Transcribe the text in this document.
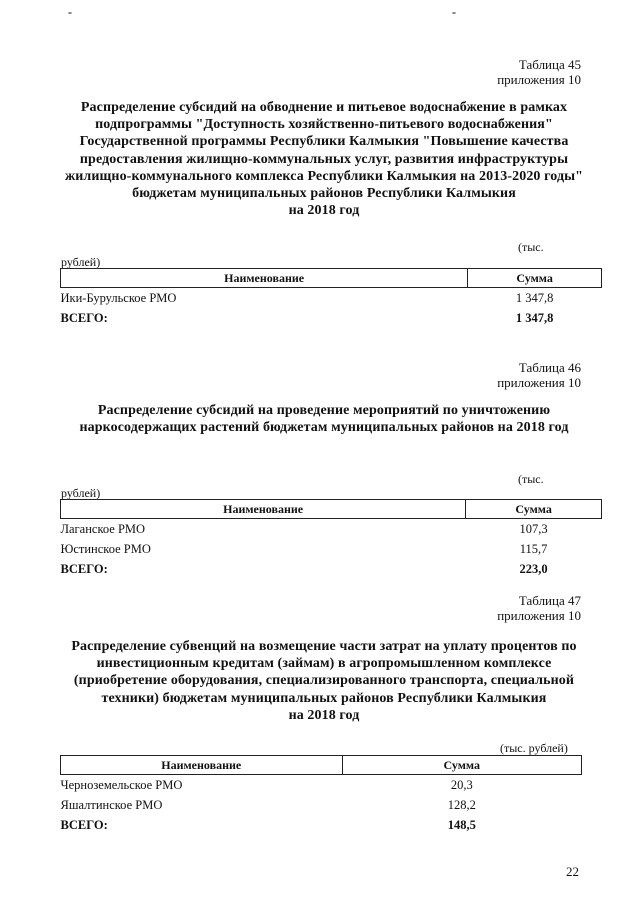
-	-
Таблица 45
приложения 10
Распределение субсидий на обводнение и питьевое водоснабжение в рамках подпрограммы "Доступность хозяйственно-питьевого водоснабжения" Государственной программы Республики Калмыкия "Повышение качества предоставления жилищно-коммунальных услуг, развития инфраструктуры жилищно-коммунального комплекса Республики Калмыкия на 2013-2020 годы" бюджетам муниципальных районов Республики Калмыкия
на 2018 год
(тыс.
рублей)
Наименование	Сумма
Ики-Бурульское РМО	1 347,8
ВСЕГО:	1 347,8
Таблица 46
приложения 10
Распределение субсидий на проведение мероприятий по уничтожению наркосодержащих растений бюджетам муниципальных районов на 2018 год
(тыс.
рублей)
Наименование	Сумма
Лаганское РМО	107,3
Юстинское РМО	115,7
ВСЕГО:	223,0
Таблица 47
приложения 10
Распределение субвенций на возмещение части затрат на уплату процентов по инвестиционным кредитам (займам) в агропромышленном комплексе (приобретение оборудования, специализированного транспорта, специальной техники) бюджетам муниципальных районов Республики Калмыкия
на 2018 год
(тыс. рублей)
Наименование	Сумма
Черноземельское РМО	20,3
Яшалтинское РМО	128,2
ВСЕГО:	148,5
22
